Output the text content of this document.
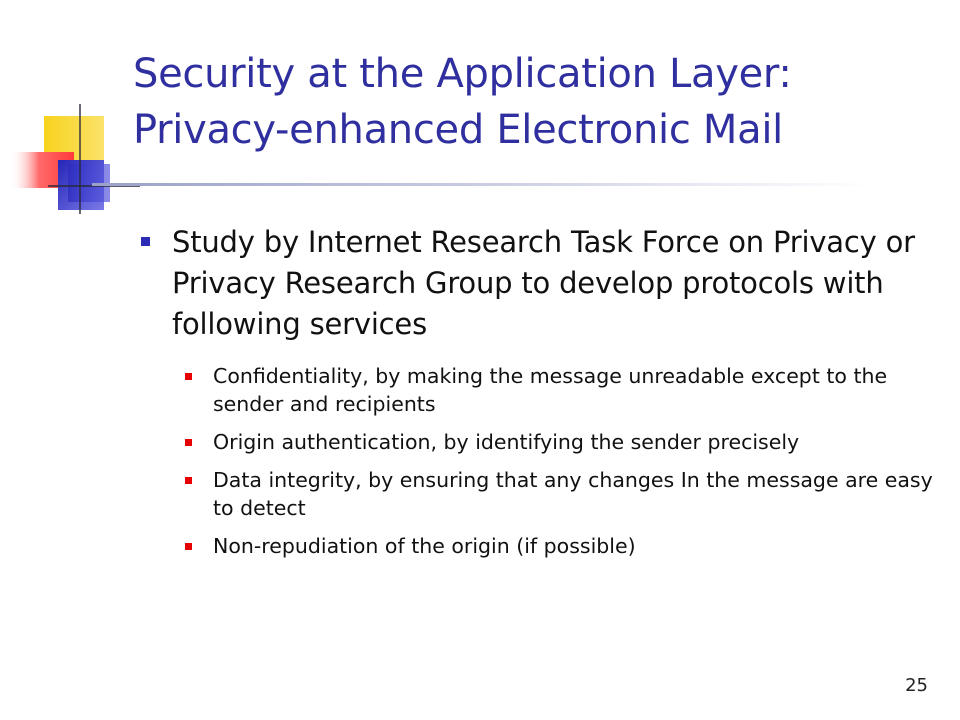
Security at the Application Layer:
Privacy-enhanced Electronic Mail

Study by Internet Research Task Force on Privacy or Privacy Research Group to develop protocols with following services

Confidentiality, by making the message unreadable except to the sender and recipients
Origin authentication, by identifying the sender precisely
Data integrity, by ensuring that any changes In the message are easy to detect
Non-repudiation of the origin (if possible)
25
